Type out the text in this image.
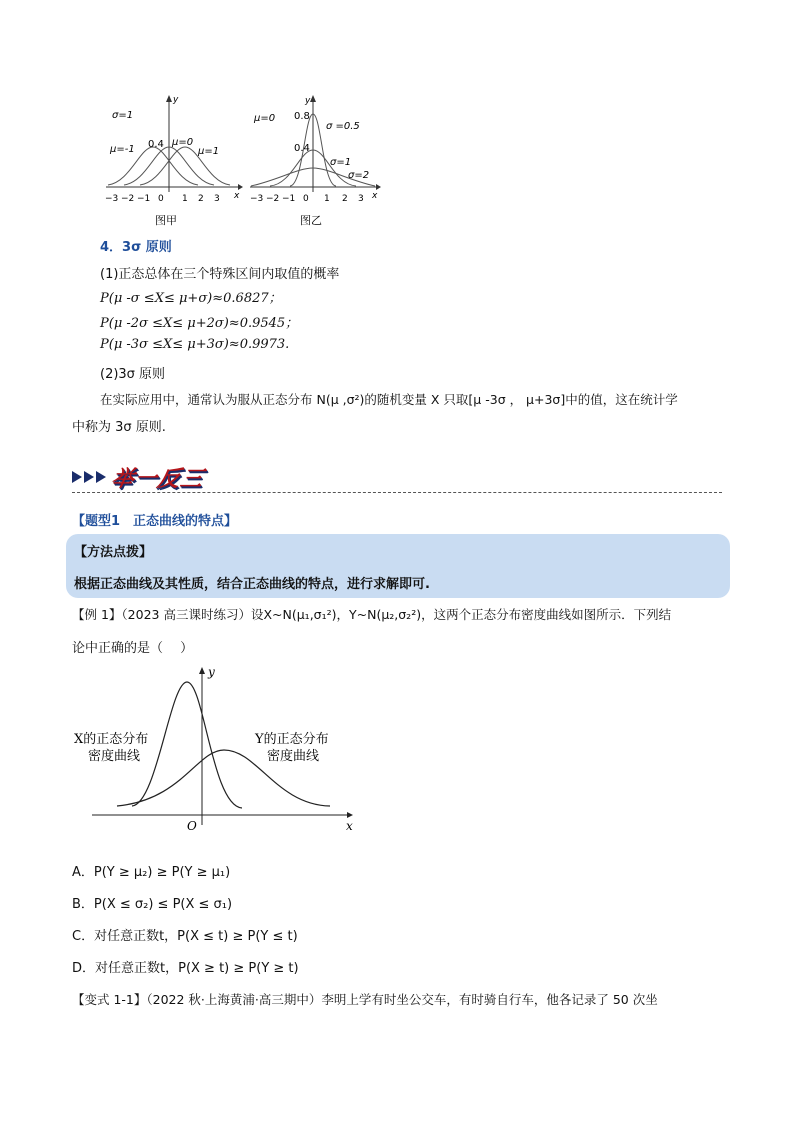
y
x
σ=1
μ=-1 0.4 μ=0
μ=1
−3 −2 −1 0 1 2 3
图甲
y
x
μ=0 0.8
0.4
σ =0.5
σ=1
σ=2
−3 −2 −1 0 1 2 3
图乙
4．3σ 原则
(1)正态总体在三个特殊区间内取值的概率
P(μ -σ ≤X≤ μ+σ)≈0.6827；
P(μ -2σ ≤X≤ μ+2σ)≈0.9545；
P(μ -3σ ≤X≤ μ+3σ)≈0.9973.
(2)3σ 原则
在实际应用中，通常认为服从正态分布 N(μ ,σ²)的随机变量 X 只取[μ -3σ ， μ+3σ]中的值，这在统计学
中称为 3σ 原则.
举一反三
【题型1　正态曲线的特点】
【方法点拨】
根据正态曲线及其性质，结合正态曲线的特点，进行求解即可.
【例 1】（2023 高三课时练习）设X~N(μ₁,σ₁²)，Y~N(μ₂,σ₂²)，这两个正态分布密度曲线如图所示．下列结
论中正确的是（　 ）
y
x
O
X的正态分布
密度曲线
Y的正态分布
密度曲线
A．P(Y ≥ μ₂) ≥ P(Y ≥ μ₁)
B．P(X ≤ σ₂) ≤ P(X ≤ σ₁)
C．对任意正数t，P(X ≤ t) ≥ P(Y ≤ t)
D．对任意正数t，P(X ≥ t) ≥ P(Y ≥ t)
【变式 1-1】（2022 秋·上海黄浦·高三期中）李明上学有时坐公交车，有时骑自行车，他各记录了 50 次坐
